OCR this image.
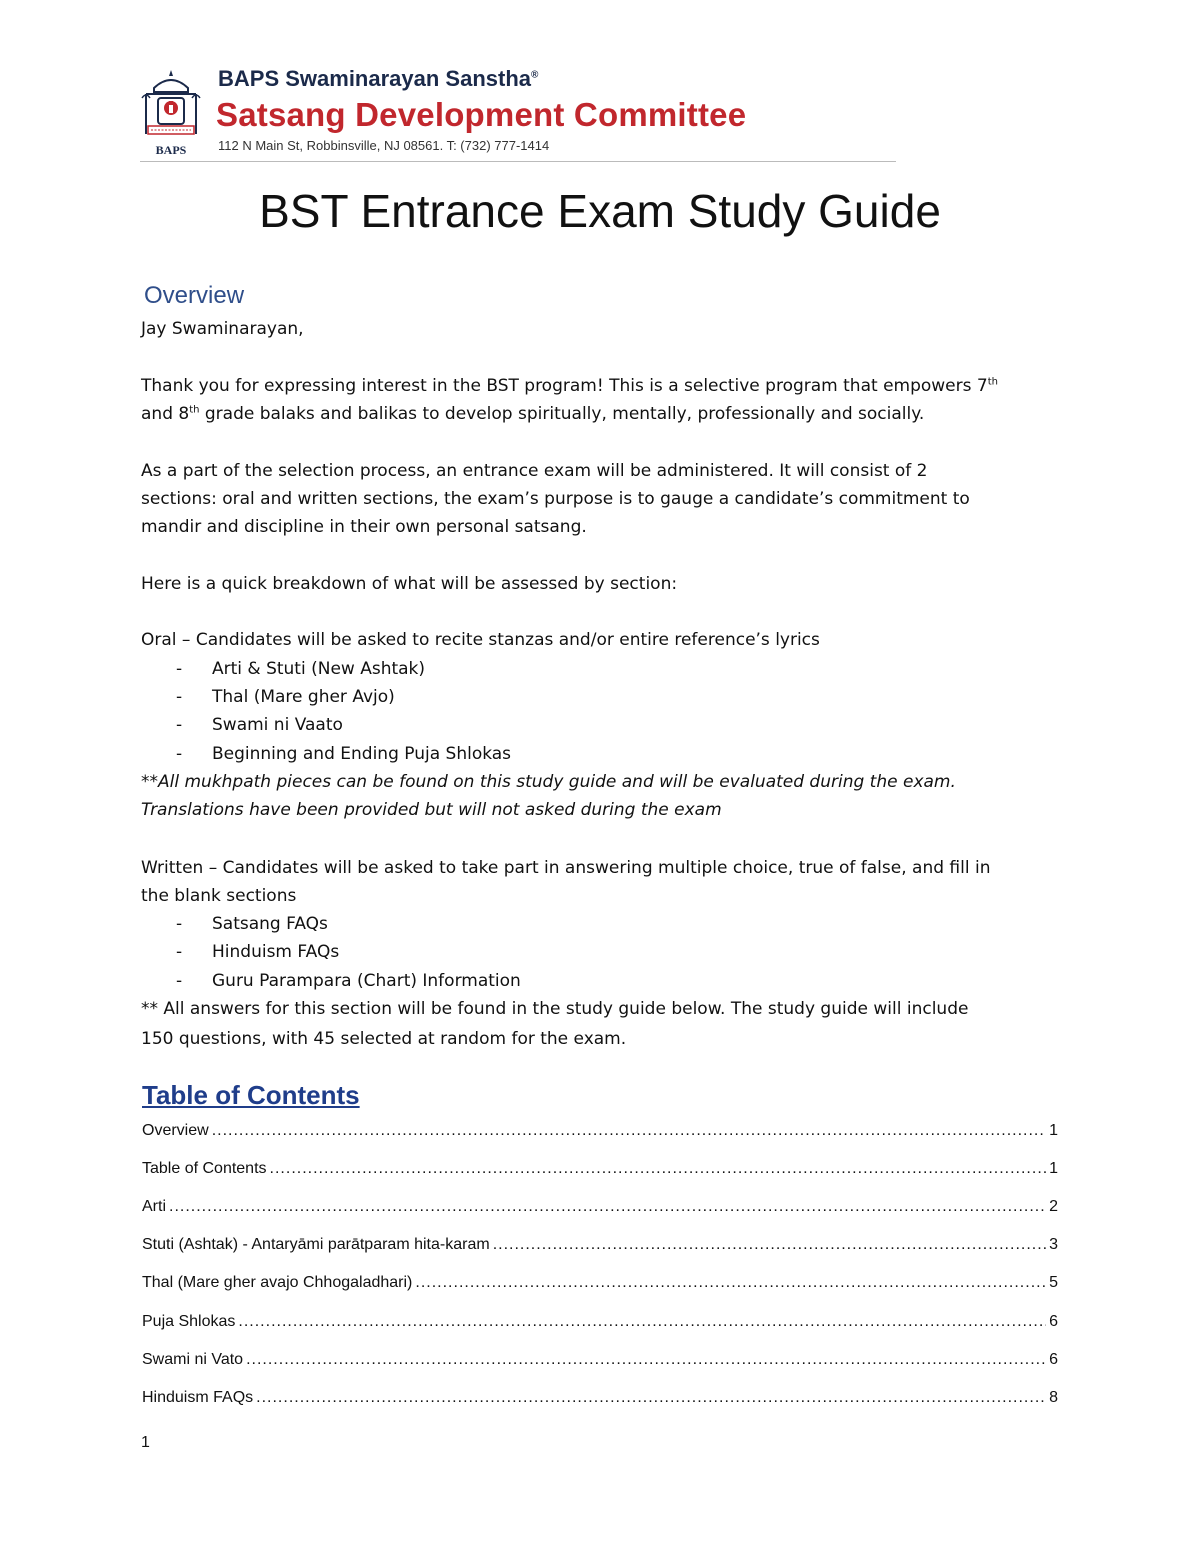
BAPS
BAPS Swaminarayan Sanstha®
Satsang Development Committee
112 N Main St, Robbinsville, NJ 08561. T: (732) 777-1414
BST Entrance Exam Study Guide
Overview
Jay Swaminarayan,
Thank you for expressing interest in the BST program! This is a selective program that empowers 7th
and 8th grade balaks and balikas to develop spiritually, mentally, professionally and socially.
As a part of the selection process, an entrance exam will be administered. It will consist of 2
sections: oral and written sections, the exam’s purpose is to gauge a candidate’s commitment to
mandir and discipline in their own personal satsang.
Here is a quick breakdown of what will be assessed by section:
Oral – Candidates will be asked to recite stanzas and/or entire reference’s lyrics
- Arti & Stuti (New Ashtak)
- Thal (Mare gher Avjo)
- Swami ni Vaato
- Beginning and Ending Puja Shlokas
**All mukhpath pieces can be found on this study guide and will be evaluated during the exam.
Translations have been provided but will not asked during the exam
Written – Candidates will be asked to take part in answering multiple choice, true of false, and fill in
the blank sections
- Satsang FAQs
- Hinduism FAQs
- Guru Parampara (Chart) Information
** All answers for this section will be found in the study guide below. The study guide will include
150 questions, with 45 selected at random for the exam.
Table of Contents
Overview .....	1
Table of Contents .....	1
Arti .....	2
Stuti (Ashtak) - Antaryāmi parātparam hita-karam .....	3
Thal (Mare gher avajo Chhogaladhari) .....	5
Puja Shlokas .....	6
Swami ni Vato .....	6
Hinduism FAQs .....	8
1
